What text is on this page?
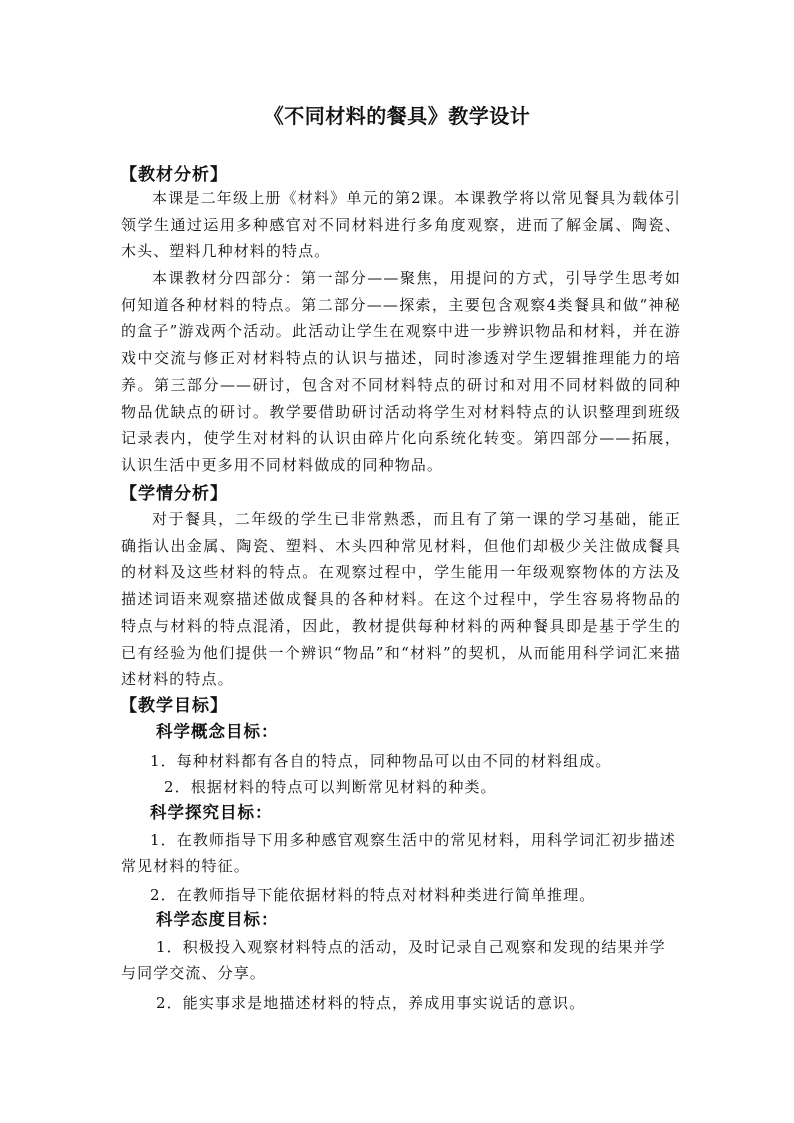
《不同材料的餐具》教学设计
【教材分析】
本课是二年级上册《材料》单元的第2课。本课教学将以常见餐具为载体引领学生通过运用多种感官对不同材料进行多角度观察，进而了解金属、陶瓷、木头、塑料几种材料的特点。
本课教材分四部分：第一部分——聚焦，用提问的方式，引导学生思考如何知道各种材料的特点。第二部分——探索，主要包含观察4类餐具和做“神秘的盒子”游戏两个活动。此活动让学生在观察中进一步辨识物品和材料，并在游戏中交流与修正对材料特点的认识与描述，同时渗透对学生逻辑推理能力的培养。第三部分——研讨，包含对不同材料特点的研讨和对用不同材料做的同种物品优缺点的研讨。教学要借助研讨活动将学生对材料特点的认识整理到班级记录表内，使学生对材料的认识由碎片化向系统化转变。第四部分——拓展，认识生活中更多用不同材料做成的同种物品。
【学情分析】
对于餐具，二年级的学生已非常熟悉，而且有了第一课的学习基础，能正确指认出金属、陶瓷、塑料、木头四种常见材料，但他们却极少关注做成餐具的材料及这些材料的特点。在观察过程中，学生能用一年级观察物体的方法及描述词语来观察描述做成餐具的各种材料。在这个过程中，学生容易将物品的特点与材料的特点混淆，因此，教材提供每种材料的两种餐具即是基于学生的已有经验为他们提供一个辨识“物品”和“材料”的契机，从而能用科学词汇来描述材料的特点。
【教学目标】
科学概念目标：
1．每种材料都有各自的特点，同种物品可以由不同的材料组成。
2．根据材料的特点可以判断常见材料的种类。
科学探究目标：
1．在教师指导下用多种感官观察生活中的常见材料，用科学词汇初步描述常见材料的特征。
2．在教师指导下能依据材料的特点对材料种类进行简单推理。
科学态度目标：
1．积极投入观察材料特点的活动，及时记录自己观察和发现的结果并学与同学交流、分享。
2．能实事求是地描述材料的特点，养成用事实说话的意识。
